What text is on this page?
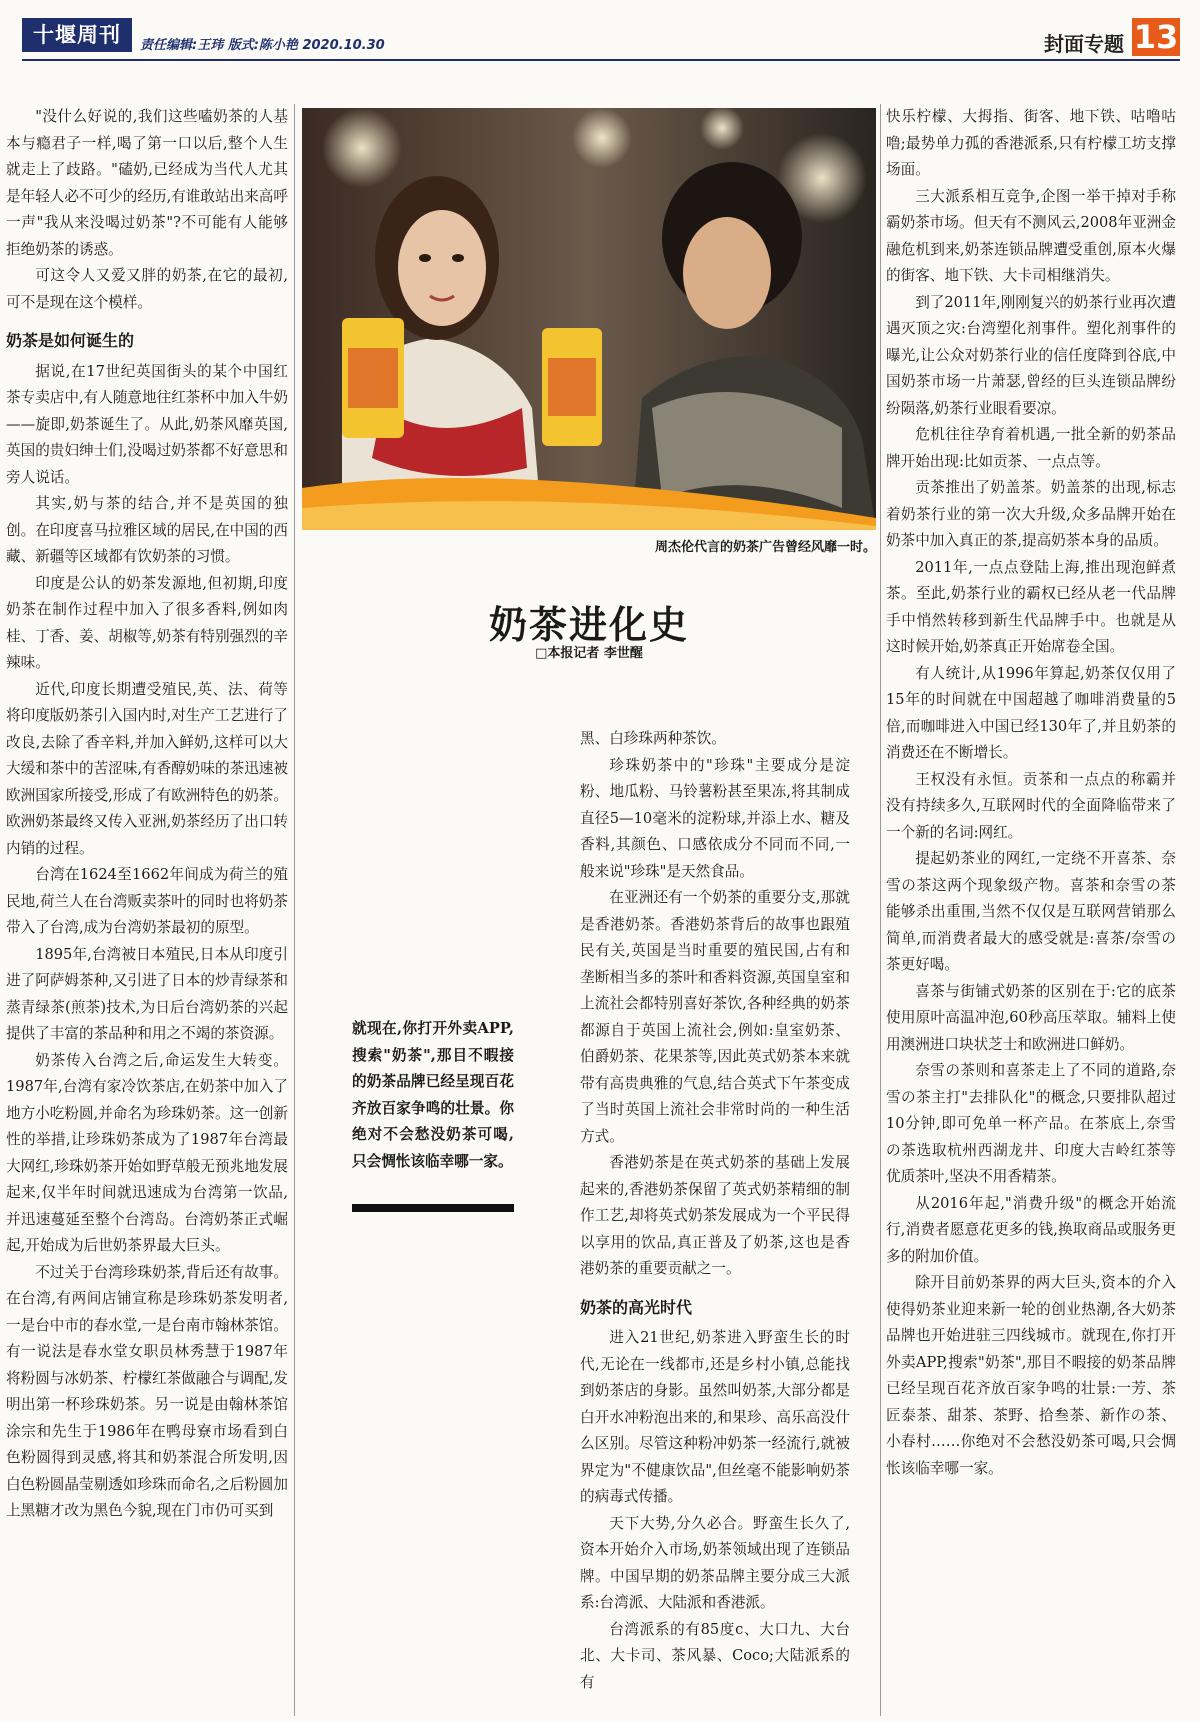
十堰周刊	责任编辑:王玮 版式:陈小艳 2020.10.30	封面专题 13

"没什么好说的,我们这些嗑奶茶的人基本与瘾君子一样,喝了第一口以后,整个人生就走上了歧路。"磕奶,已经成为当代人尤其是年轻人必不可少的经历,有谁敢站出来高呼一声"我从来没喝过奶茶"?不可能有人能够拒绝奶茶的诱惑。

可这令人又爱又胖的奶茶,在它的最初,可不是现在这个模样。

奶茶是如何诞生的

据说,在17世纪英国街头的某个中国红茶专卖店中,有人随意地往红茶杯中加入牛奶——旋即,奶茶诞生了。从此,奶茶风靡英国,英国的贵妇绅士们,没喝过奶茶都不好意思和旁人说话。

其实,奶与茶的结合,并不是英国的独创。在印度喜马拉雅区域的居民,在中国的西藏、新疆等区域都有饮奶茶的习惯。

印度是公认的奶茶发源地,但初期,印度奶茶在制作过程中加入了很多香料,例如肉桂、丁香、姜、胡椒等,奶茶有特别强烈的辛辣味。

近代,印度长期遭受殖民,英、法、荷等将印度版奶茶引入国内时,对生产工艺进行了改良,去除了香辛料,并加入鲜奶,这样可以大大缓和茶中的苦涩味,有香醇奶味的茶迅速被欧洲国家所接受,形成了有欧洲特色的奶茶。欧洲奶茶最终又传入亚洲,奶茶经历了出口转内销的过程。

台湾在1624至1662年间成为荷兰的殖民地,荷兰人在台湾贩卖茶叶的同时也将奶茶带入了台湾,成为台湾奶茶最初的原型。

1895年,台湾被日本殖民,日本从印度引进了阿萨姆茶种,又引进了日本的炒青绿茶和蒸青绿茶(煎茶)技术,为日后台湾奶茶的兴起提供了丰富的茶品种和用之不竭的茶资源。

奶茶传入台湾之后,命运发生大转变。1987年,台湾有家冷饮茶店,在奶茶中加入了地方小吃粉圆,并命名为珍珠奶茶。这一创新性的举措,让珍珠奶茶成为了1987年台湾最大网红,珍珠奶茶开始如野草般无预兆地发展起来,仅半年时间就迅速成为台湾第一饮品,并迅速蔓延至整个台湾岛。台湾奶茶正式崛起,开始成为后世奶茶界最大巨头。

不过关于台湾珍珠奶茶,背后还有故事。在台湾,有两间店铺宣称是珍珠奶茶发明者,一是台中市的春水堂,一是台南市翰林茶馆。有一说法是春水堂女职员林秀慧于1987年将粉圆与冰奶茶、柠檬红茶做融合与调配,发明出第一杯珍珠奶茶。另一说是由翰林茶馆涂宗和先生于1986年在鸭母寮市场看到白色粉圆得到灵感,将其和奶茶混合所发明,因白色粉圆晶莹剔透如珍珠而命名,之后粉圆加上黑糖才改为黑色今貌,现在门市仍可买到

周杰伦代言的奶茶广告曾经风靡一时。
奶茶进化史
□本报记者 李世醒
就现在,你打开外卖APP,搜索"奶茶",那目不暇接的奶茶品牌已经呈现百花齐放百家争鸣的壮景。你绝对不会愁没奶茶可喝,只会惆怅该临幸哪一家。

黑、白珍珠两种茶饮。

珍珠奶茶中的"珍珠"主要成分是淀粉、地瓜粉、马铃薯粉甚至果冻,将其制成直径5—10毫米的淀粉球,并添上水、糖及香料,其颜色、口感依成分不同而不同,一般来说"珍珠"是天然食品。

在亚洲还有一个奶茶的重要分支,那就是香港奶茶。香港奶茶背后的故事也跟殖民有关,英国是当时重要的殖民国,占有和垄断相当多的茶叶和香料资源,英国皇室和上流社会都特别喜好茶饮,各种经典的奶茶都源自于英国上流社会,例如:皇室奶茶、伯爵奶茶、花果茶等,因此英式奶茶本来就带有高贵典雅的气息,结合英式下午茶变成了当时英国上流社会非常时尚的一种生活方式。

香港奶茶是在英式奶茶的基础上发展起来的,香港奶茶保留了英式奶茶精细的制作工艺,却将英式奶茶发展成为一个平民得以享用的饮品,真正普及了奶茶,这也是香港奶茶的重要贡献之一。

奶茶的高光时代

进入21世纪,奶茶进入野蛮生长的时代,无论在一线都市,还是乡村小镇,总能找到奶茶店的身影。虽然叫奶茶,大部分都是白开水冲粉泡出来的,和果珍、高乐高没什么区别。尽管这种粉冲奶茶一经流行,就被界定为"不健康饮品",但丝毫不能影响奶茶的病毒式传播。

天下大势,分久必合。野蛮生长久了,资本开始介入市场,奶茶领域出现了连锁品牌。中国早期的奶茶品牌主要分成三大派系:台湾派、大陆派和香港派。

台湾派系的有85度c、大口九、大台北、大卡司、茶风暴、Coco;大陆派系的有

快乐柠檬、大拇指、街客、地下铁、咕噜咕噜;最势单力孤的香港派系,只有柠檬工坊支撑场面。

三大派系相互竞争,企图一举干掉对手称霸奶茶市场。但天有不测风云,2008年亚洲金融危机到来,奶茶连锁品牌遭受重创,原本火爆的街客、地下铁、大卡司相继消失。

到了2011年,刚刚复兴的奶茶行业再次遭遇灭顶之灾:台湾塑化剂事件。塑化剂事件的曝光,让公众对奶茶行业的信任度降到谷底,中国奶茶市场一片萧瑟,曾经的巨头连锁品牌纷纷陨落,奶茶行业眼看要凉。

危机往往孕育着机遇,一批全新的奶茶品牌开始出现:比如贡茶、一点点等。

贡茶推出了奶盖茶。奶盖茶的出现,标志着奶茶行业的第一次大升级,众多品牌开始在奶茶中加入真正的茶,提高奶茶本身的品质。

2011年,一点点登陆上海,推出现泡鲜煮茶。至此,奶茶行业的霸权已经从老一代品牌手中悄然转移到新生代品牌手中。也就是从这时候开始,奶茶真正开始席卷全国。

有人统计,从1996年算起,奶茶仅仅用了15年的时间就在中国超越了咖啡消费量的5倍,而咖啡进入中国已经130年了,并且奶茶的消费还在不断增长。

王权没有永恒。贡茶和一点点的称霸并没有持续多久,互联网时代的全面降临带来了一个新的名词:网红。

提起奶茶业的网红,一定绕不开喜茶、奈雪の茶这两个现象级产物。喜茶和奈雪の茶能够杀出重围,当然不仅仅是互联网营销那么简单,而消费者最大的感受就是:喜茶/奈雪の茶更好喝。

喜茶与街铺式奶茶的区别在于:它的底茶使用原叶高温冲泡,60秒高压萃取。辅料上使用澳洲进口块状芝士和欧洲进口鲜奶。

奈雪の茶则和喜茶走上了不同的道路,奈雪の茶主打"去排队化"的概念,只要排队超过10分钟,即可免单一杯产品。在茶底上,奈雪の茶选取杭州西湖龙井、印度大吉岭红茶等优质茶叶,坚决不用香精茶。

从2016年起,"消费升级"的概念开始流行,消费者愿意花更多的钱,换取商品或服务更多的附加价值。

除开目前奶茶界的两大巨头,资本的介入使得奶茶业迎来新一轮的创业热潮,各大奶茶品牌也开始进驻三四线城市。就现在,你打开外卖APP,搜索"奶茶",那目不暇接的奶茶品牌已经呈现百花齐放百家争鸣的壮景:一芳、茶匠泰茶、甜茶、茶野、拾叁茶、新作の茶、小春村……你绝对不会愁没奶茶可喝,只会惆怅该临幸哪一家。
